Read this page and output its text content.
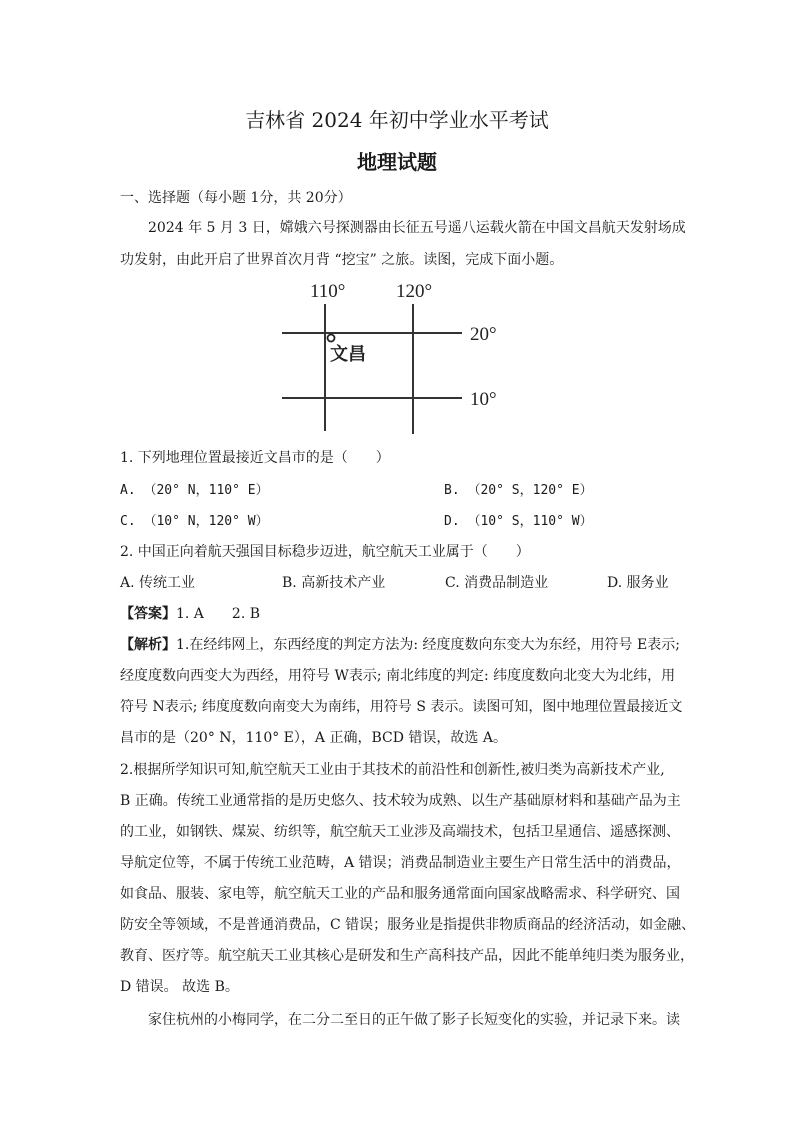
吉林省 2024 年初中学业水平考试
地理试题
一、选择题（每小题 1分，共 20分）
2024 年 5 月 3 日，嫦娥六号探测器由长征五号遥八运载火箭在中国文昌航天发射场成
功发射，由此开启了世界首次月背 “挖宝” 之旅。读图，完成下面小题。
110°	120°
20°
10°
文昌
1. 下列地理位置最接近文昌市的是（　　）
A. （20° N，110° E）	B. （20° S，120° E）
C. （10° N，120° W）	D. （10° S，110° W）
2. 中国正向着航天强国目标稳步迈进，航空航天工业属于（　　）
A. 传统工业	B. 高新技术产业	C. 消费品制造业	D. 服务业
【答案】1. A　　2. B
【解析】1.在经纬网上，东西经度的判定方法为: 经度度数向东变大为东经，用符号 E表示;
经度度数向西变大为西经，用符号 W表示; 南北纬度的判定: 纬度度数向北变大为北纬，用
符号 N表示; 纬度度数向南变大为南纬，用符号 S 表示。读图可知，图中地理位置最接近文
昌市的是（20° N，110° E），A 正确，BCD 错误，故选 A。
2.根据所学知识可知,航空航天工业由于其技术的前沿性和创新性,被归类为高新技术产业,
B 正确。传统工业通常指的是历史悠久、技术较为成熟、以生产基础原材料和基础产品为主
的工业，如钢铁、煤炭、纺织等，航空航天工业涉及高端技术，包括卫星通信、遥感探测、
导航定位等，不属于传统工业范畴，A 错误；消费品制造业主要生产日常生活中的消费品，
如食品、服装、家电等，航空航天工业的产品和服务通常面向国家战略需求、科学研究、国
防安全等领域，不是普通消费品，C 错误；服务业是指提供非物质商品的经济活动，如金融、
教育、医疗等。航空航天工业其核心是研发和生产高科技产品，因此不能单纯归类为服务业，
D 错误。 故选 B。
家住杭州的小梅同学，在二分二至日的正午做了影子长短变化的实验，并记录下来。读
